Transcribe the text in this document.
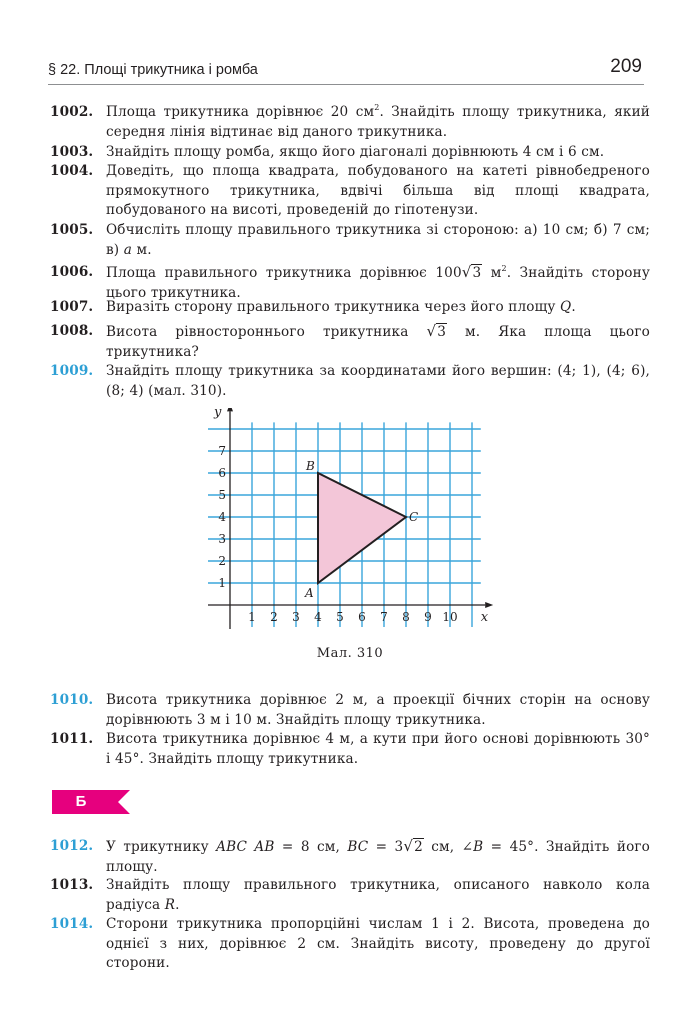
§ 22. Площі трикутника і ромба	209
1002. Площа трикутника дорівнює 20 $см^2$. Знайдіть площу трикутника, який середня лінія відтинає від даного трикутника.
1003. Знайдіть площу ромба, якщо його діагоналі дорівнюють 4 см і 6 см.
1004. Доведіть, що площа квадрата, побудованого на катеті рівнобедреного прямокутного трикутника, вдвічі більша від площі квадрата, побудованого на висоті, проведеній до гіпотенузи.
1005. Обчисліть площу правильного трикутника зі стороною: а) 10 см; б) 7 см; в) a м.
1006. Площа правильного трикутника дорівнює 100√3 $м^2$. Знайдіть сторону цього трикутника.
1007. Виразіть сторону правильного трикутника через його площу Q.
1008. Висота рівностороннього трикутника √3 м. Яка площа цього трикутника?
1009. Знайдіть площу трикутника за координатами його вершин: (4; 1), (4; 6), (8; 4) (мал. 310).
x
y
1 2 3 4 5 6 7 8 9 10
1
2
3
4
5
6
7
A
B
C
Мал. 310
1010. Висота трикутника дорівнює 2 м, а проекції бічних сторін на основу дорівнюють 3 м і 10 м. Знайдіть площу трикутника.
1011. Висота трикутника дорівнює 4 м, а кути при його основі дорівнюють 30° і 45°. Знайдіть площу трикутника.
Б
1012. У трикутнику ABC AB = 8 см, BC = 3√2 см, ∠B = 45°. Знайдіть його площу.
1013. Знайдіть площу правильного трикутника, описаного навколо кола радіуса R.
1014. Сторони трикутника пропорційні числам 1 і 2. Висота, проведена до однієї з них, дорівнює 2 см. Знайдіть висоту, проведену до другої сторони.
